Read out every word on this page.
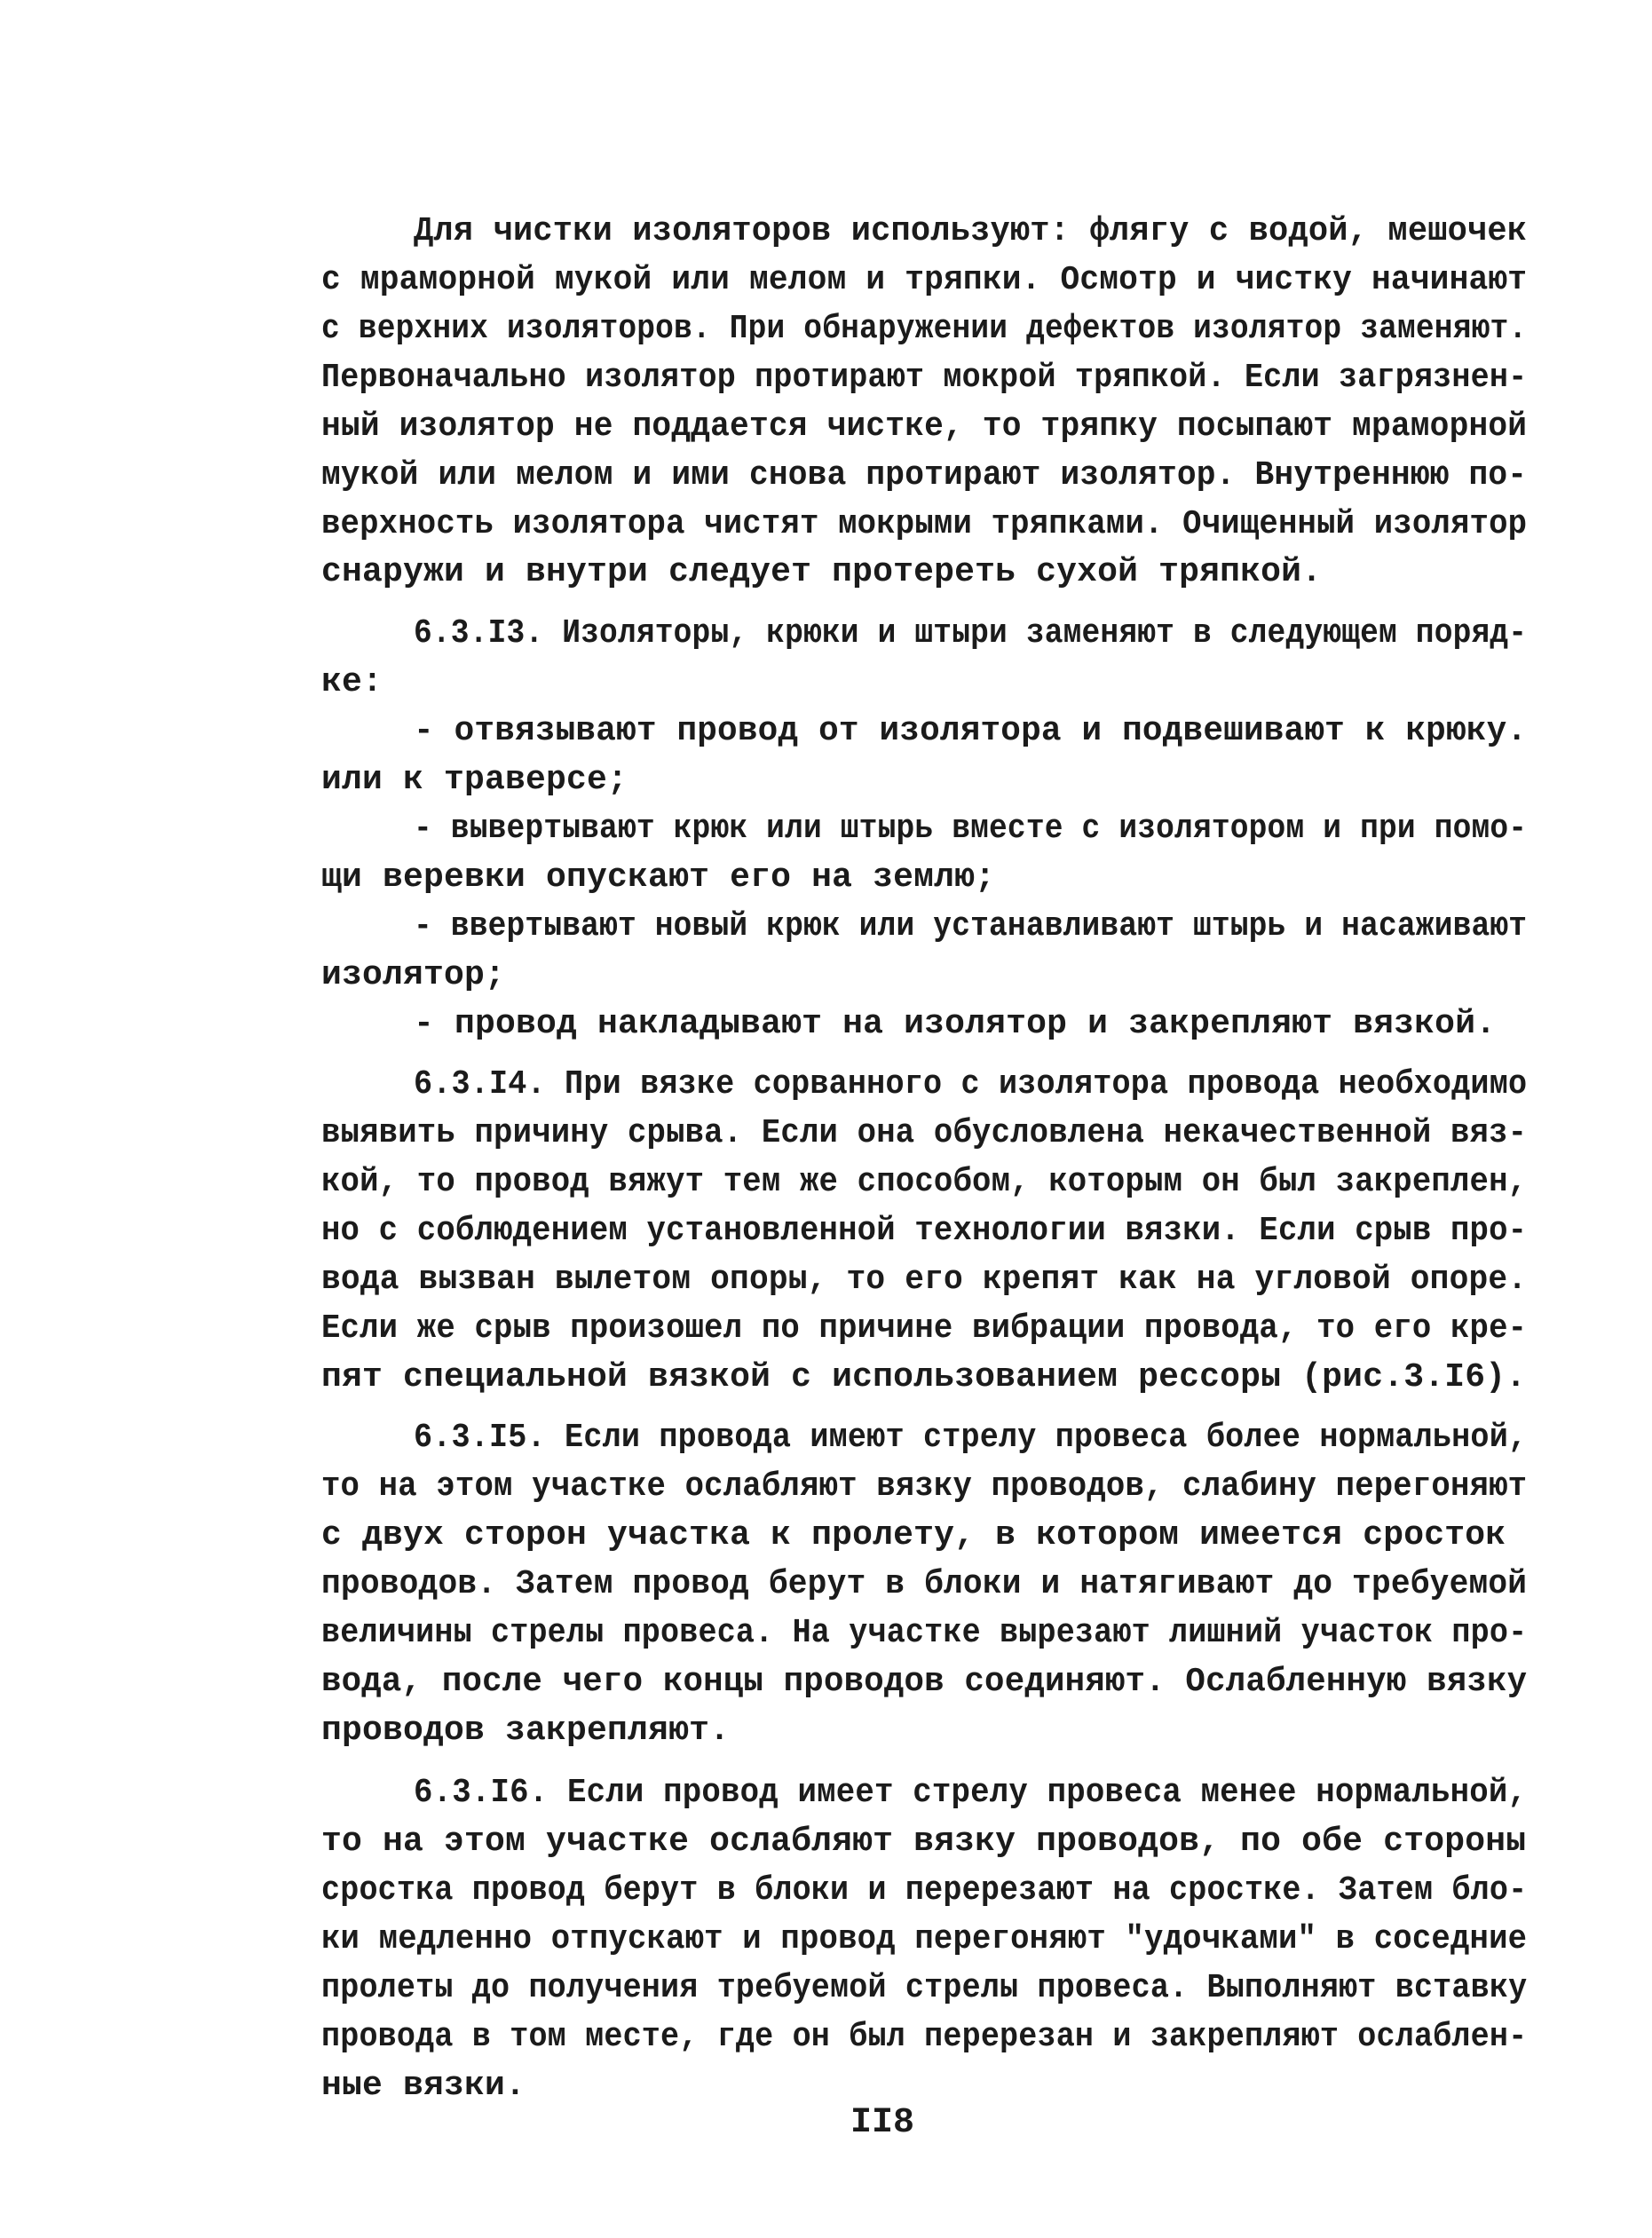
Для чистки изоляторов используют: флягу с водой, мешочек
с мраморной мукой или мелом и тряпки. Осмотр и чистку начинают
с верхних изоляторов. При обнаружении дефектов изолятор заменяют.
Первоначально изолятор протирают мокрой тряпкой. Если загрязнен-
ный изолятор не поддается чистке, то тряпку посыпают мраморной
мукой или мелом и ими снова протирают изолятор. Внутреннюю по-
верхность изолятора чистят мокрыми тряпками. Очищенный изолятор
снаружи и внутри следует протереть сухой тряпкой.
6.3.I3. Изоляторы, крюки и штыри заменяют в следующем поряд-
ке:
- отвязывают провод от изолятора и подвешивают к крюку.
или к траверсе;
- вывертывают крюк или штырь вместе с изолятором и при помо-
щи веревки опускают его на землю;
- ввертывают новый крюк или устанавливают штырь и насаживают
изолятор;
- провод накладывают на изолятор и закрепляют вязкой.
6.3.I4. При вязке сорванного с изолятора провода необходимо
выявить причину срыва. Если она обусловлена некачественной вяз-
кой, то провод вяжут тем же способом, которым он был закреплен,
но с соблюдением установленной технологии вязки. Если срыв про-
вода вызван вылетом опоры, то его крепят как на угловой опоре.
Если же срыв произошел по причине вибрации провода, то его кре-
пят специальной вязкой с использованием рессоры (рис.3.I6).
6.3.I5. Если провода имеют стрелу провеса более нормальной,
то на этом участке ослабляют вязку проводов, слабину перегоняют
с двух сторон участка к пролету, в котором имеется сросток
проводов. Затем провод берут в блоки и натягивают до требуемой
величины стрелы провеса. На участке вырезают лишний участок про-
вода, после чего концы проводов соединяют. Ослабленную вязку
проводов закрепляют.
6.3.I6. Если провод имеет стрелу провеса менее нормальной,
то на этом участке ослабляют вязку проводов, по обе стороны
сростка провод берут в блоки и перерезают на сростке. Затем бло-
ки медленно отпускают и провод перегоняют "удочками" в соседние
пролеты до получения требуемой стрелы провеса. Выполняют вставку
провода в том месте, где он был перерезан и закрепляют ослаблен-
ные вязки.
II8
